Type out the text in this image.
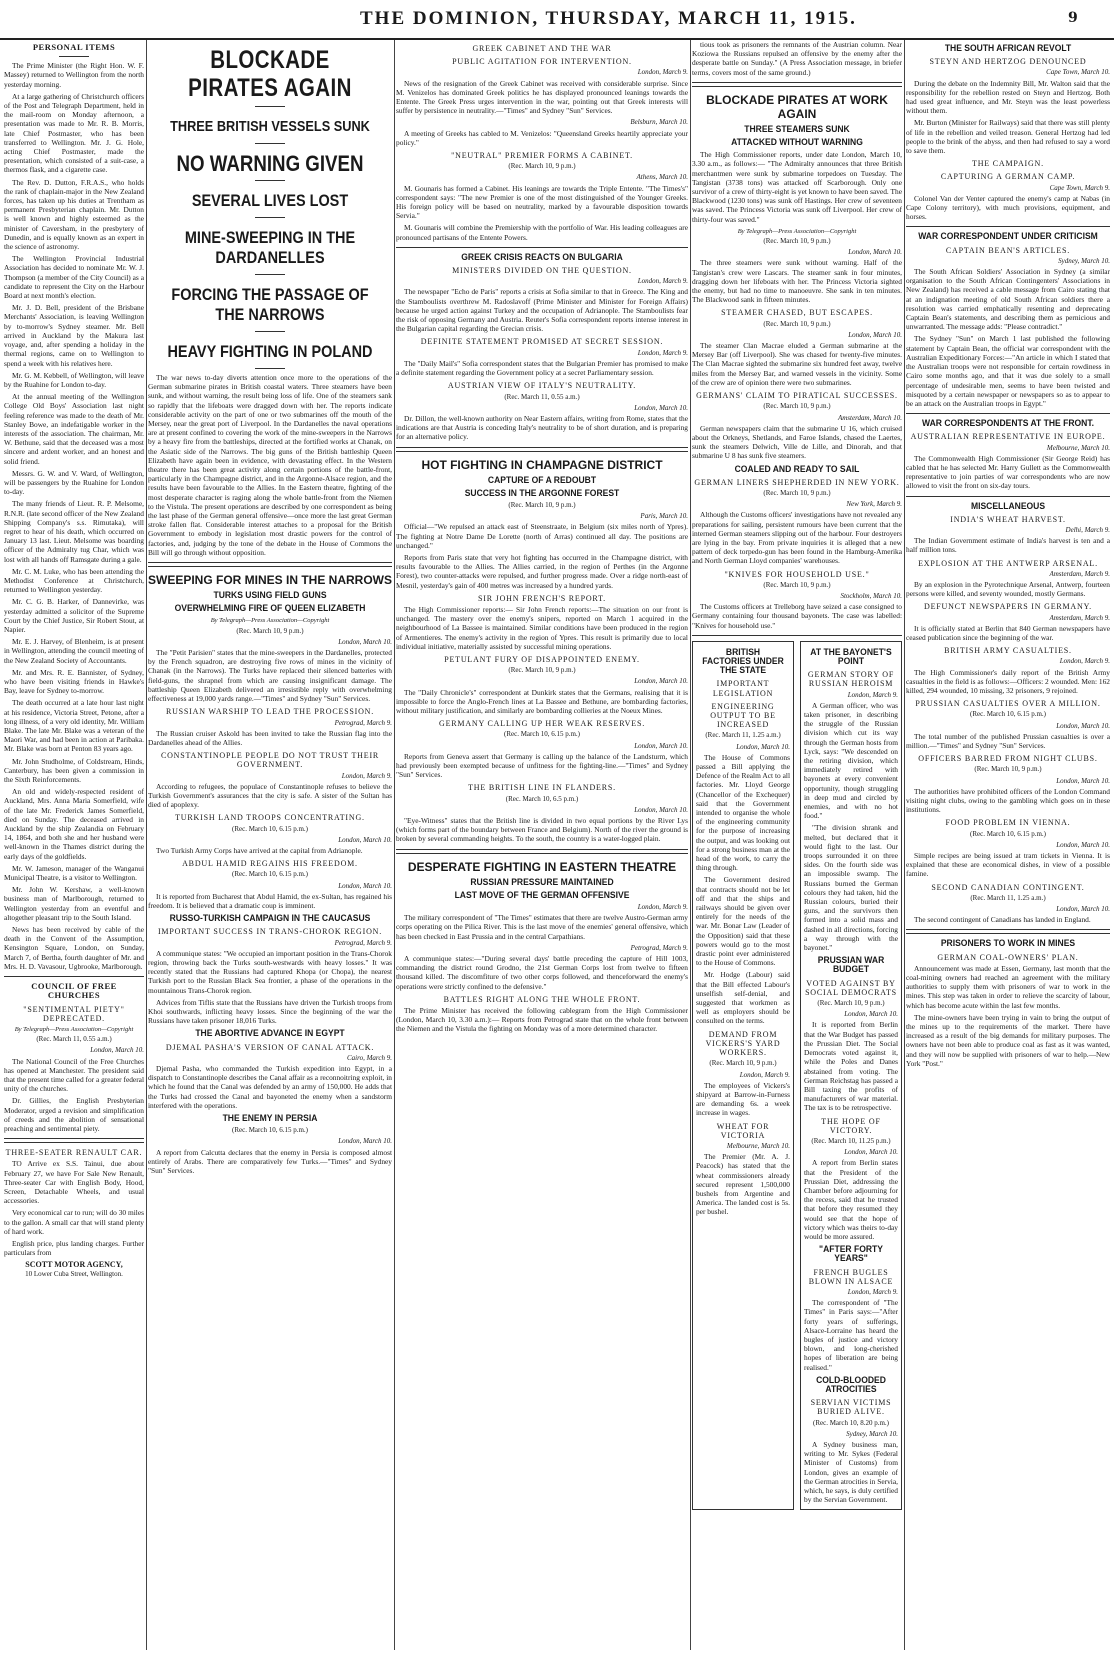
THE DOMINION, THURSDAY, MARCH 11, 1915.	9
PERSONAL ITEMS

The Prime Minister (the Right Hon. W. F. Massey) returned to Wellington from the north yesterday morning.

At a large gathering of Christchurch officers of the Post and Telegraph Department, held in the mail-room on Monday afternoon, a presentation was made to Mr. R. B. Morris, late Chief Postmaster, who has been transferred to Wellington. Mr. J. G. Hole, acting Chief Postmaster, made the presentation, which consisted of a suit-case, a thermos flask, and a cigarette case.

The Rev. D. Dutton, F.R.A.S., who holds the rank of chaplain-major in the New Zealand forces, has taken up his duties at Trentham as permanent Presbyterian chaplain. Mr. Dutton is well known and highly esteemed as the minister of Caversham, in the presbytery of Dunedin, and is equally known as an expert in the science of astronomy.

The Wellington Provincial Industrial Association has decided to nominate Mr. W. J. Thompson (a member of the City Council) as a candidate to represent the City on the Harbour Board at next month's election.

Mr. J. D. Bell, president of the Brisbane Merchants' Association, is leaving Wellington by to-morrow's Sydney steamer. Mr. Bell arrived in Auckland by the Makura last voyage, and, after spending a holiday in the thermal regions, came on to Wellington to spend a week with his relatives here.

Mr. G. M. Kebbell, of Wellington, will leave by the Ruahine for London to-day.

At the annual meeting of the Wellington College Old Boys' Association last night feeling reference was made to the death of Mr. Stanley Bowe, an indefatigable worker in the interests of the association. The chairman, Mr. W. Bethune, said that the deceased was a most sincere and ardent worker, and an honest and solid friend.

Messrs. G. W. and V. Ward, of Wellington, will be passengers by the Ruahine for London to-day.

The many friends of Lieut. R. P. Melsome, R.N.R. (late second officer of the New Zealand Shipping Company's s.s. Rimutaka), will regret to hear of his death, which occurred on January 13 last. Lieut. Melsome was boarding officer of the Admiralty tug Char, which was lost with all hands off Ramsgate during a gale.

Mr. C. M. Luke, who has been attending the Methodist Conference at Christchurch, returned to Wellington yesterday.

Mr. C. G. B. Harker, of Dannevirke, was yesterday admitted a solicitor of the Supreme Court by the Chief Justice, Sir Robert Stout, at Napier.

Mr. E. J. Harvey, of Blenheim, is at present in Wellington, attending the council meeting of the New Zealand Society of Accountants.

Mr. and Mrs. R. E. Bannister, of Sydney, who have been visiting friends in Hawke's Bay, leave for Sydney to-morrow.

The death occurred at a late hour last night at his residence, Victoria Street, Petone, after a long illness, of a very old identity, Mr. William Blake. The late Mr. Blake was a veteran of the Maori War, and had been in action at Paribaka. Mr. Blake was born at Penton 83 years ago.

Mr. John Studholme, of Coldstream, Hinds, Canterbury, has been given a commission in the Sixth Reinforcements.

An old and widely-respected resident of Auckland, Mrs. Anna Maria Somerfield, wife of the late Mr. Frederick James Somerfield, died on Sunday. The deceased arrived in Auckland by the ship Zealandia on February 14, 1864, and both she and her husband were well-known in the Thames district during the early days of the goldfields.

Mr. W. Jameson, manager of the Wanganui Municipal Theatre, is a visitor to Wellington.

Mr. John W. Kershaw, a well-known business man of Marlborough, returned to Wellington yesterday from an eventful and altogether pleasant trip to the South Island.

News has been received by cable of the death in the Convent of the Assumption, Kensington Square, London, on Sunday, March 7, of Bertha, fourth daughter of Mr. and Mrs. H. D. Vavasour, Ugbrooke, Marlborough.

COUNCIL OF FREE CHURCHES
"SENTIMENTAL PIETY" DEPRECATED.
By Telegraph—Press Association—Copyright
(Rec. March 11, 0.55 a.m.)
London, March 10.

The National Council of the Free Churches has opened at Manchester. The president said that the present time called for a greater federal unity of the churches.

Dr. Gillies, the English Presbyterian Moderator, urged a revision and simplification of creeds and the abolition of sensational preaching and sentimental piety.

THREE-SEATER RENAULT CAR.

TO Arrive ex S.S. Tainui, due about February 27, we have For Sale New Renault, Three-seater Car with English Body, Hood, Screen, Detachable Wheels, and usual accessories.

Very economical car to run; will do 30 miles to the gallon. A small car that will stand plenty of hard work.

English price, plus landing charges. Further particulars from

SCOTT MOTOR AGENCY,
10 Lower Cuba Street, Wellington.
BLOCKADE PIRATES AGAIN
THREE BRITISH VESSELS SUNK
NO WARNING GIVEN
SEVERAL LIVES LOST
MINE-SWEEPING IN THE DARDANELLES
FORCING THE PASSAGE OF THE NARROWS
HEAVY FIGHTING IN POLAND

The war news to-day diverts attention once more to the operations of the German submarine pirates in British coastal waters. Three steamers have been sunk, and without warning, the result being loss of life. One of the steamers sank so rapidly that the lifeboats were dragged down with her. The reports indicate considerable activity on the part of one or two submarines off the mouth of the Mersey, near the great port of Liverpool. In the Dardanelles the naval operations are at present confined to covering the work of the mine-sweepers in the Narrows by a heavy fire from the battleships, directed at the fortified works at Chanak, on the Asiatic side of the Narrows. The big guns of the British battleship Queen Elizabeth have again been in evidence, with devastating effect. In the Western theatre there has been great activity along certain portions of the battle-front, particularly in the Champagne district, and in the Argonne-Alsace region, and the results have been favourable to the Allies. In the Eastern theatre, fighting of the most desperate character is raging along the whole battle-front from the Niemen to the Vistula. The present operations are described by one correspondent as being the last phase of the German general offensive—once more the last great German stroke fallen flat. Considerable interest attaches to a proposal for the British Government to embody in legislation most drastic powers for the control of factories, and, judging by the tone of the debate in the House of Commons the Bill will go through without opposition.

SWEEPING FOR MINES IN THE NARROWS
TURKS USING FIELD GUNS
OVERWHELMING FIRE OF QUEEN ELIZABETH
By Telegraph—Press Association—Copyright
(Rec. March 10, 9 p.m.)
London, March 10.

The "Petit Parisien" states that the mine-sweepers in the Dardanelles, protected by the French squadron, are destroying five rows of mines in the vicinity of Chanak (in the Narrows). The Turks have replaced their silenced batteries with field-guns, the shrapnel from which are causing insignificant damage. The battleship Queen Elizabeth delivered an irresistible reply with overwhelming effectiveness at 19,000 yards range.—"Times" and Sydney "Sun" Services.

RUSSIAN WARSHIP TO LEAD THE PROCESSION.
Petrograd, March 9.

The Russian cruiser Askold has been invited to take the Russian flag into the Dardanelles ahead of the Allies.

CONSTANTINOPLE PEOPLE DO NOT TRUST THEIR GOVERNMENT.
London, March 9.

According to refugees, the populace of Constantinople refuses to believe the Turkish Government's assurances that the city is safe. A sister of the Sultan has died of apoplexy.

TURKISH LAND TROOPS CONCENTRATING.
(Rec. March 10, 6.15 p.m.)
London, March 10.

Two Turkish Army Corps have arrived at the capital from Adrianople.

ABDUL HAMID REGAINS HIS FREEDOM.
(Rec. March 10, 6.15 p.m.)
London, March 10.

It is reported from Bucharest that Abdul Hamid, the ex-Sultan, has regained his freedom. It is believed that a dramatic coup is imminent.

RUSSO-TURKISH CAMPAIGN IN THE CAUCASUS
IMPORTANT SUCCESS IN TRANS-CHOROK REGION.
Petrograd, March 9.

A communique states: "We occupied an important position in the Trans-Chorok region, throwing back the Turks south-westwards with heavy losses." It was recently stated that the Russians had captured Khopa (or Chopa), the nearest Turkish port to the Russian Black Sea frontier, a phase of the operations in the mountainous Trans-Chorok region.

Advices from Tiflis state that the Russians have driven the Turkish troops from Khoi southwards, inflicting heavy losses. Since the beginning of the war the Russians have taken prisoner 18,016 Turks.

THE ABORTIVE ADVANCE IN EGYPT
DJEMAL PASHA'S VERSION OF CANAL ATTACK.
Cairo, March 9.

Djemal Pasha, who commanded the Turkish expedition into Egypt, in a dispatch to Constantinople describes the Canal affair as a reconnoitring exploit, in which he found that the Canal was defended by an army of 150,000. He adds that the Turks had crossed the Canal and bayoneted the enemy when a sandstorm interfered with the operations.

THE ENEMY IN PERSIA
(Rec. March 10, 6.15 p.m.)
London, March 10.

A report from Calcutta declares that the enemy in Persia is composed almost entirely of Arabs. There are comparatively few Turks.—"Times" and Sydney "Sun" Services.

GREEK CABINET AND THE WAR
PUBLIC AGITATION FOR INTERVENTION.
London, March 9.

News of the resignation of the Greek Cabinet was received with considerable surprise. Since M. Venizelos has dominated Greek politics he has displayed pronounced leanings towards the Entente. The Greek Press urges intervention in the war, pointing out that Greek interests will suffer by persistence in neutrality.—"Times" and Sydney "Sun" Services.

Belsburn, March 10.

A meeting of Greeks has cabled to M. Venizelos: "Queensland Greeks heartily appreciate your policy."

"NEUTRAL" PREMIER FORMS A CABINET.
(Rec. March 10, 9 p.m.)
Athens, March 10.

M. Gounaris has formed a Cabinet. His leanings are towards the Triple Entente. "The Times's" correspondent says: "The new Premier is one of the most distinguished of the Younger Greeks. His foreign policy will be based on neutrality, marked by a favourable disposition towards Servia."

M. Gounaris will combine the Premiership with the portfolio of War. His leading colleagues are pronounced partisans of the Entente Powers.

GREEK CRISIS REACTS ON BULGARIA
MINISTERS DIVIDED ON THE QUESTION.
London, March 9.

The newspaper "Echo de Paris" reports a crisis at Sofia similar to that in Greece. The King and the Stamboulists overthrew M. Radoslavoff (Prime Minister and Minister for Foreign Affairs) because he urged action against Turkey and the occupation of Adrianople. The Stamboulists fear the risk of opposing Germany and Austria. Reuter's Sofia correspondent reports intense interest in the Bulgarian capital regarding the Grecian crisis.

DEFINITE STATEMENT PROMISED AT SECRET SESSION.
London, March 9.

The "Daily Mail's" Sofia correspondent states that the Bulgarian Premier has promised to make a definite statement regarding the Government policy at a secret Parliamentary session.

AUSTRIAN VIEW OF ITALY'S NEUTRALITY.
(Rec. March 11, 0.55 a.m.)
London, March 10.

Dr. Dillon, the well-known authority on Near Eastern affairs, writing from Rome, states that the indications are that Austria is conceding Italy's neutrality to be of short duration, and is preparing for an alternative policy.

HOT FIGHTING IN CHAMPAGNE DISTRICT
CAPTURE OF A REDOUBT
SUCCESS IN THE ARGONNE FOREST
(Rec. March 10, 9 p.m.)
Paris, March 10.

Official—"We repulsed an attack east of Steenstraate, in Belgium (six miles north of Ypres). The fighting at Notre Dame De Lorette (north of Arras) continued all day. The positions are unchanged."

Reports from Paris state that very hot fighting has occurred in the Champagne district, with results favourable to the Allies. The Allies carried, in the region of Perthes (in the Argonne Forest), two counter-attacks were repulsed, and further progress made. Over a ridge north-east of Mesnil, yesterday's gain of 400 metres was increased by a hundred yards.

SIR JOHN FRENCH'S REPORT.

The High Commissioner reports:— Sir John French reports:—The situation on our front is unchanged. The mastery over the enemy's snipers, reported on March 1 acquired in the neighbourhood of La Bassee is maintained. Similar conditions have been produced in the region of Armentieres. The enemy's activity in the region of Ypres. This result is primarily due to local individual initiative, materially assisted by successful mining operations.

PETULANT FURY OF DISAPPOINTED ENEMY.
(Rec. March 10, 9 p.m.)
London, March 10.

The "Daily Chronicle's" correspondent at Dunkirk states that the Germans, realising that it is impossible to force the Anglo-French lines at La Bassee and Bethune, are bombarding factories, without military justification, and similarly are bombarding collieries at the Noeux Mines.

GERMANY CALLING UP HER WEAK RESERVES.
(Rec. March 10, 6.15 p.m.)
London, March 10.

Reports from Geneva assert that Germany is calling up the balance of the Landsturm, which had previously been exempted because of unfitness for the fighting-line.—"Times" and Sydney "Sun" Services.

THE BRITISH LINE IN FLANDERS.
(Rec. March 10, 6.5 p.m.)
London, March 10.

"Eye-Witness" states that the British line is divided in two equal portions by the River Lys (which forms part of the boundary between France and Belgium). North of the river the ground is broken by several commanding heights. To the south, the country is a water-logged plain.

DESPERATE FIGHTING IN EASTERN THEATRE
RUSSIAN PRESSURE MAINTAINED
LAST MOVE OF THE GERMAN OFFENSIVE
London, March 9.

The military correspondent of "The Times" estimates that there are twelve Austro-German army corps operating on the Pilica River. This is the last move of the enemies' general offensive, which has been checked in East Prussia and in the central Carpathians.

Petrograd, March 9.

A communique states:—"During several days' battle preceding the capture of Hill 1003, commanding the district round Grodno, the 21st German Corps lost from twelve to fifteen thousand killed. The discomfiture of two other corps followed, and thenceforward the enemy's operations were strictly confined to the defensive."

BATTLES RIGHT ALONG THE WHOLE FRONT.

The Prime Minister has received the following cablegram from the High Commissioner (London, March 10, 3.30 a.m.):— Reports from Petrograd state that on the whole front between the Niemen and the Vistula the fighting on Monday was of a more determined character.

tious took as prisoners the remnants of the Austrian column. Near Koziowa the Russians repulsed an offensive by the enemy after the desperate battle on Sunday." (A Press Association message, in briefer terms, covers most of the same ground.)

BLOCKADE PIRATES AT WORK AGAIN
THREE STEAMERS SUNK
ATTACKED WITHOUT WARNING

The High Commissioner reports, under date London, March 10, 3.30 a.m., as follows:— "The Admiralty announces that three British merchantmen were sunk by submarine torpedoes on Tuesday. The Tangistan (3738 tons) was attacked off Scarborough. Only one survivor of a crew of thirty-eight is yet known to have been saved. The Blackwood (1230 tons) was sunk off Hastings. Her crew of seventeen was saved. The Princess Victoria was sunk off Liverpool. Her crew of thirty-four was saved."

By Telegraph—Press Association—Copyright
(Rec. March 10, 9 p.m.)
London, March 10.

The three steamers were sunk without warning. Half of the Tangistan's crew were Lascars. The steamer sank in four minutes, dragging down her lifeboats with her. The Princess Victoria sighted the enemy, but had no time to manoeuvre. She sank in ten minutes. The Blackwood sank in fifteen minutes.

STEAMER CHASED, BUT ESCAPES.
(Rec. March 10, 9 p.m.)
London, March 10.

The steamer Clan Macrae eluded a German submarine at the Mersey Bar (off Liverpool). She was chased for twenty-five minutes. The Clan Macrae sighted the submarine six hundred feet away, twelve miles from the Mersey Bar, and warned vessels in the vicinity. Some of the crew are of opinion there were two submarines.

GERMANS' CLAIM TO PIRATICAL SUCCESSES.
(Rec. March 10, 9 p.m.)
Amsterdam, March 10.

German newspapers claim that the submarine U 16, which cruised about the Orkneys, Shetlands, and Faroe Islands, chased the Laertes, sunk the steamers Delwich, Ville de Lille, and Dinorah, and that submarine U 8 has sunk five steamers.

COALED AND READY TO SAIL
GERMAN LINERS SHEPHERDED IN NEW YORK.
(Rec. March 10, 9 p.m.)
New York, March 9.

Although the Customs officers' investigations have not revealed any preparations for sailing, persistent rumours have been current that the interned German steamers slipping out of the harbour. Four destroyers are lying in the bay. From private inquiries it is alleged that a new pattern of deck torpedo-gun has been found in the Hamburg-Amerika and North German Lloyd companies' warehouses.

"KNIVES FOR HOUSEHOLD USE."
(Rec. March 10, 9 p.m.)
Stockholm, March 10.

The Customs officers at Trelleborg have seized a case consigned to Germany containing four thousand bayonets. The case was labelled: "Knives for household use."

BRITISH FACTORIES UNDER THE STATE
IMPORTANT LEGISLATION
ENGINEERING OUTPUT TO BE INCREASED
(Rec. March 11, 1.25 a.m.)
London, March 10.

The House of Commons passed a Bill applying the Defence of the Realm Act to all factories. Mr. Lloyd George (Chancellor of the Exchequer) said that the Government intended to organise the whole of the engineering community for the purpose of increasing the output, and was looking out for a strong business man at the head of the work, to carry the thing through.

The Government desired that contracts should not be let off and that the ships and railways should be given over entirely for the needs of the war. Mr. Bonar Law (Leader of the Opposition) said that these powers would go to the most drastic point ever administered to the House of Commons.

Mr. Hodge (Labour) said that the Bill effected Labour's unselfish self-denial, and suggested that workmen as well as employers should be consulted on the terms.

DEMAND FROM VICKERS'S YARD WORKERS.
(Rec. March 10, 9 p.m.)
London, March 9.

The employees of Vickers's shipyard at Barrow-in-Furness are demanding 6s. a week increase in wages.

WHEAT FOR VICTORIA
Melbourne, March 10.

The Premier (Mr. A. J. Peacock) has stated that the wheat commissioners already secured represent 1,500,000 bushels from Argentine and America. The landed cost is 5s. per bushel.

AT THE BAYONET'S POINT
GERMAN STORY OF RUSSIAN HEROISM
London, March 9.

A German officer, who was taken prisoner, in describing the struggle of the Russian division which cut its way through the German hosts from Lyck, says: "We descended on the retiring division, which immediately retired with bayonets at every convenient opportunity, though struggling in deep mud and circled by enemies, and with no hot food."

"The division shrank and melted, but declared that it would fight to the last. Our troops surrounded it on three sides. On the fourth side was an impossible swamp. The Russians burned the German colours they had taken, hid the Russian colours, buried their guns, and the survivors then formed into a solid mass and dashed in all directions, forcing a way through with the bayonet."

PRUSSIAN WAR BUDGET
VOTED AGAINST BY SOCIAL DEMOCRATS
(Rec. March 10, 9 p.m.)
London, March 10.

It is reported from Berlin that the War Budget has passed the Prussian Diet. The Social Democrats voted against it, while the Poles and Danes abstained from voting. The German Reichstag has passed a Bill taxing the profits of manufacturers of war material. The tax is to be retrospective.

THE HOPE OF VICTORY.
(Rec. March 10, 11.25 p.m.)
London, March 10.

A report from Berlin states that the President of the Prussian Diet, addressing the Chamber before adjourning for the recess, said that he trusted that before they resumed they would see that the hope of victory which was theirs to-day would be more assured.

"AFTER FORTY YEARS"
FRENCH BUGLES BLOWN IN ALSACE
London, March 9.

The correspondent of "The Times" in Paris says:—"After forty years of sufferings, Alsace-Lorraine has heard the bugles of justice and victory blown, and long-cherished hopes of liberation are being realised."

COLD-BLOODED ATROCITIES
SERVIAN VICTIMS BURIED ALIVE.
(Rec. March 10, 8.20 p.m.)
Sydney, March 10.

A Sydney business man, writing to Mr. Sykes (Federal Minister of Customs) from London, gives an example of the German atrocities in Servia, which, he says, is duly certified by the Servian Government.

THE SOUTH AFRICAN REVOLT
STEYN AND HERTZOG DENOUNCED
Cape Town, March 10.

During the debate on the Indemnity Bill, Mr. Walton said that the responsibility for the rebellion rested on Steyn and Hertzog. Both had used great influence, and Mr. Steyn was the least powerless without them.

Mr. Burton (Minister for Railways) said that there was still plenty of life in the rebellion and veiled treason. General Hertzog had led people to the brink of the abyss, and then had refused to say a word to save them.

THE CAMPAIGN.
CAPTURING A GERMAN CAMP.
Cape Town, March 9.

Colonel Van der Venter captured the enemy's camp at Nabas (in Cape Colony territory), with much provisions, equipment, and horses.

WAR CORRESPONDENT UNDER CRITICISM
CAPTAIN BEAN'S ARTICLES.
Sydney, March 10.

The South African Soldiers' Association in Sydney (a similar organisation to the South African Contingenters' Associations in New Zealand) has received a cable message from Cairo stating that at an indignation meeting of old South African soldiers there a resolution was carried emphatically resenting and deprecating Captain Bean's statements, and describing them as pernicious and unwarranted. The message adds: "Please contradict."

The Sydney "Sun" on March 1 last published the following statement by Captain Bean, the official war correspondent with the Australian Expeditionary Forces:—"An article in which I stated that the Australian troops were not responsible for certain rowdiness in Cairo some months ago, and that it was due solely to a small percentage of undesirable men, seems to have been twisted and misquoted by a certain newspaper or newspapers so as to appear to be an attack on the Australian troops in Egypt."

WAR CORRESPONDENTS AT THE FRONT.
AUSTRALIAN REPRESENTATIVE IN EUROPE.
Melbourne, March 10.

The Commonwealth High Commissioner (Sir George Reid) has cabled that he has selected Mr. Harry Gullett as the Commonwealth representative to join parties of war correspondents who are now allowed to visit the front on six-day tours.

MISCELLANEOUS
INDIA'S WHEAT HARVEST.
Delhi, March 9.

The Indian Government estimate of India's harvest is ten and a half million tons.

EXPLOSION AT THE ANTWERP ARSENAL.
Amsterdam, March 9.

By an explosion in the Pyrotechnique Arsenal, Antwerp, fourteen persons were killed, and seventy wounded, mostly Germans.

DEFUNCT NEWSPAPERS IN GERMANY.
Amsterdam, March 9.

It is officially stated at Berlin that 840 German newspapers have ceased publication since the beginning of the war.

BRITISH ARMY CASUALTIES.
London, March 9.

The High Commissioner's daily report of the British Army casualties in the field is as follows:—Officers: 2 wounded. Men: 162 killed, 294 wounded, 10 missing, 32 prisoners, 9 rejoined.

PRUSSIAN CASUALTIES OVER A MILLION.
(Rec. March 10, 6.15 p.m.)
London, March 10.

The total number of the published Prussian casualties is over a million.—"Times" and Sydney "Sun" Services.

OFFICERS BARRED FROM NIGHT CLUBS.
(Rec. March 10, 9 p.m.)
London, March 10.

The authorities have prohibited officers of the London Command visiting night clubs, owing to the gambling which goes on in these institutions.

FOOD PROBLEM IN VIENNA.
(Rec. March 10, 6.15 p.m.)
London, March 10.

Simple recipes are being issued at tram tickets in Vienna. It is explained that these are economical dishes, in view of a possible famine.

SECOND CANADIAN CONTINGENT.
(Rec. March 11, 1.25 a.m.)
London, March 10.

The second contingent of Canadians has landed in England.

PRISONERS TO WORK IN MINES
GERMAN COAL-OWNERS' PLAN.

Announcement was made at Essen, Germany, last month that the coal-mining owners had reached an agreement with the military authorities to supply them with prisoners of war to work in the mines. This step was taken in order to relieve the scarcity of labour, which has become acute within the last few months.

The mine-owners have been trying in vain to bring the output of the mines up to the requirements of the market. There have increased as a result of the big demands for military purposes. The owners have not been able to produce coal as fast as it was wanted, and they will now be supplied with prisoners of war to help.—New York "Post."
